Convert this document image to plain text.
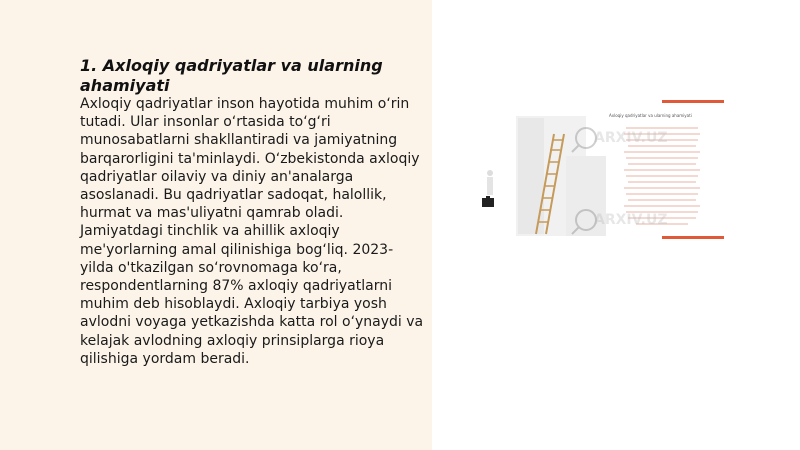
1. Axloqiy qadriyatlar va ularning ahamiyati

Axloqiy qadriyatlar inson hayotida muhim o‘rin tutadi. Ular insonlar o‘rtasida to‘g‘ri munosabatlarni shakllantiradi va jamiyatning barqarorligini ta'minlaydi. O‘zbekistonda axloqiy qadriyatlar oilaviy va diniy an'analarga asoslanadi. Bu qadriyatlar sadoqat, halollik, hurmat va mas'uliyatni qamrab oladi. Jamiyatdagi tinchlik va ahillik axloqiy me'yorlarning amal qilinishiga bog‘liq. 2023-yilda o'tkazilgan so‘rovnomaga ko‘ra, respondentlarning 87% axloqiy qadriyatlarni muhim deb hisoblaydi. Axloqiy tarbiya yosh avlodni voyaga yetkazishda katta rol o‘ynaydi va kelajak avlodning axloqiy prinsiplarga rioya qilishiga yordam beradi.

Axloqiy qadriyatlar va ularning ahamiyati
ARXIV.UZ
ARXIV.UZ
